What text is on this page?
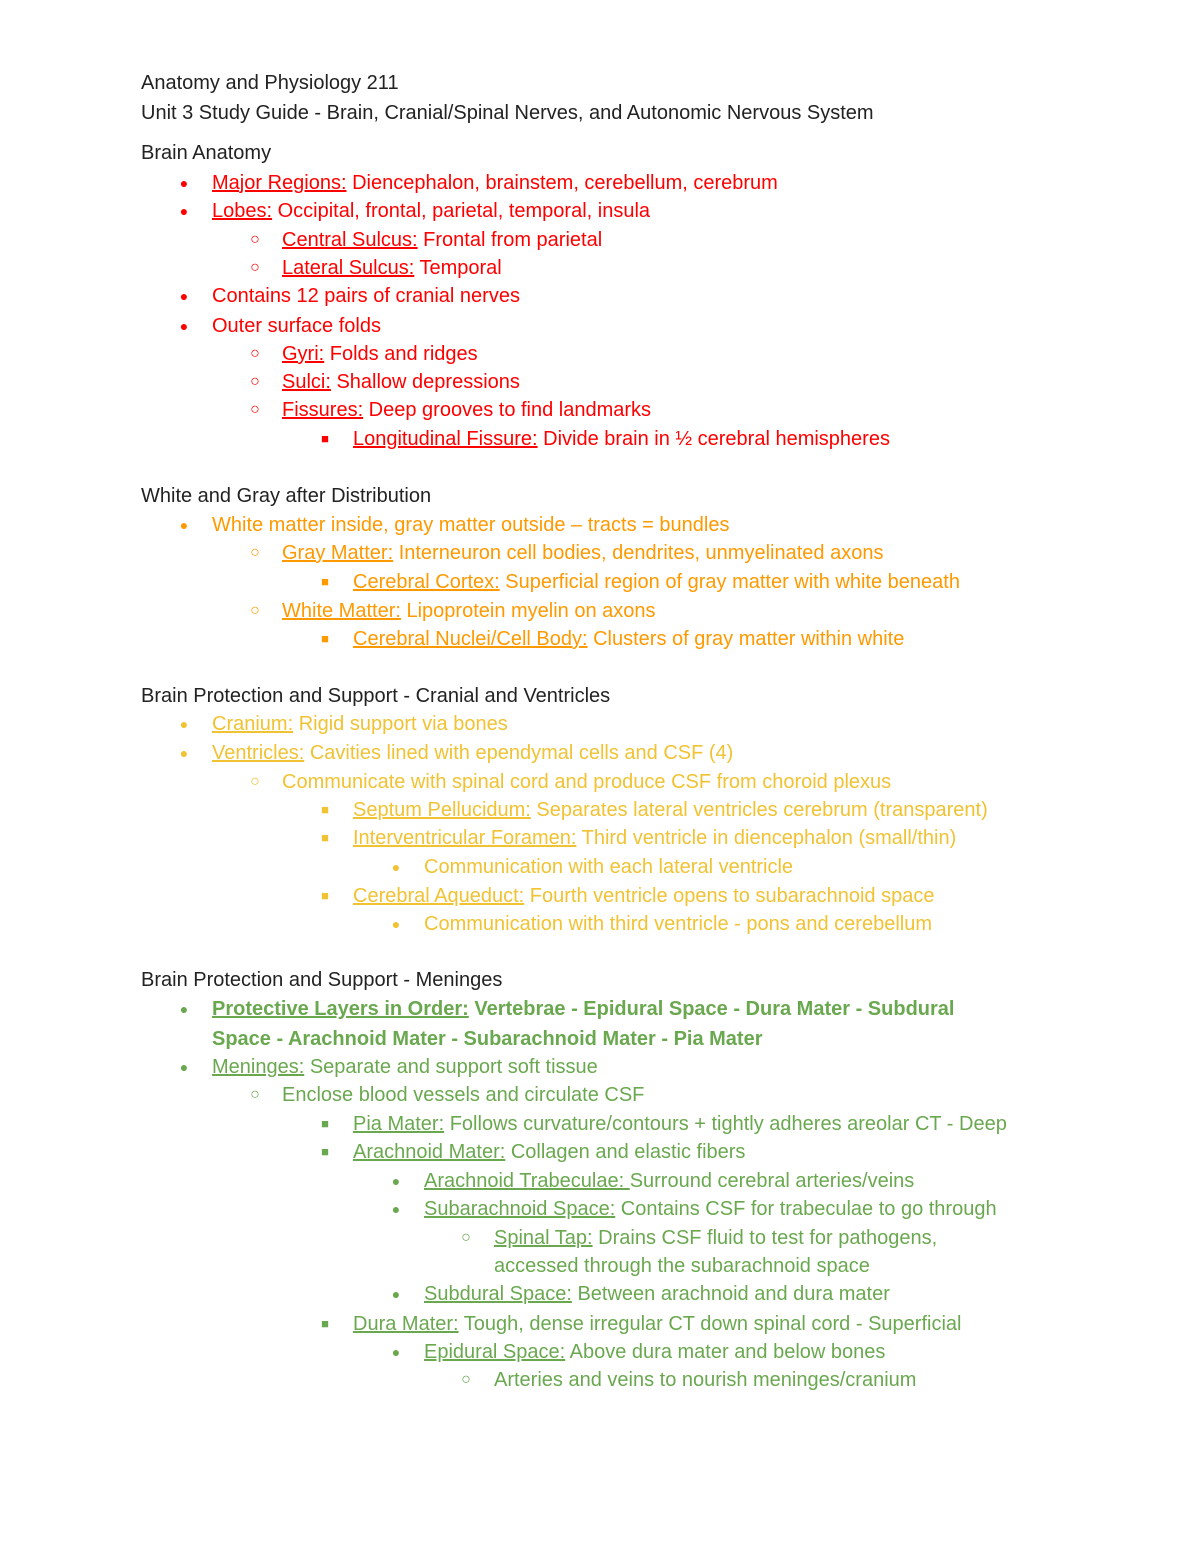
Anatomy and Physiology 211
Unit 3 Study Guide - Brain, Cranial/Spinal Nerves, and Autonomic Nervous System
Brain Anatomy
●	Major Regions: Diencephalon, brainstem, cerebellum, cerebrum
●	Lobes: Occipital, frontal, parietal, temporal, insula
○	Central Sulcus: Frontal from parietal
○	Lateral Sulcus: Temporal
●	Contains 12 pairs of cranial nerves
●	Outer surface folds
○	Gyri: Folds and ridges
○	Sulci: Shallow depressions
○	Fissures: Deep grooves to find landmarks
■	Longitudinal Fissure: Divide brain in ½ cerebral hemispheres
White and Gray after Distribution
●	White matter inside, gray matter outside – tracts = bundles
○	Gray Matter: Interneuron cell bodies, dendrites, unmyelinated axons
■	Cerebral Cortex: Superficial region of gray matter with white beneath
○	White Matter: Lipoprotein myelin on axons
■	Cerebral Nuclei/Cell Body: Clusters of gray matter within white
Brain Protection and Support - Cranial and Ventricles
●	Cranium: Rigid support via bones
●	Ventricles: Cavities lined with ependymal cells and CSF (4)
○	Communicate with spinal cord and produce CSF from choroid plexus
■	Septum Pellucidum: Separates lateral ventricles cerebrum (transparent)
■	Interventricular Foramen: Third ventricle in diencephalon (small/thin)
●	Communication with each lateral ventricle
■	Cerebral Aqueduct: Fourth ventricle opens to subarachnoid space
●	Communication with third ventricle - pons and cerebellum
Brain Protection and Support - Meninges
●	Protective Layers in Order: Vertebrae - Epidural Space - Dura Mater - Subdural
Space - Arachnoid Mater - Subarachnoid Mater - Pia Mater
●	Meninges: Separate and support soft tissue
○	Enclose blood vessels and circulate CSF
■	Pia Mater: Follows curvature/contours + tightly adheres areolar CT - Deep
■	Arachnoid Mater: Collagen and elastic fibers
●	Arachnoid Trabeculae: Surround cerebral arteries/veins
●	Subarachnoid Space: Contains CSF for trabeculae to go through
○	Spinal Tap: Drains CSF fluid to test for pathogens,
accessed through the subarachnoid space
●	Subdural Space: Between arachnoid and dura mater
■	Dura Mater: Tough, dense irregular CT down spinal cord - Superficial
●	Epidural Space: Above dura mater and below bones
○	Arteries and veins to nourish meninges/cranium
